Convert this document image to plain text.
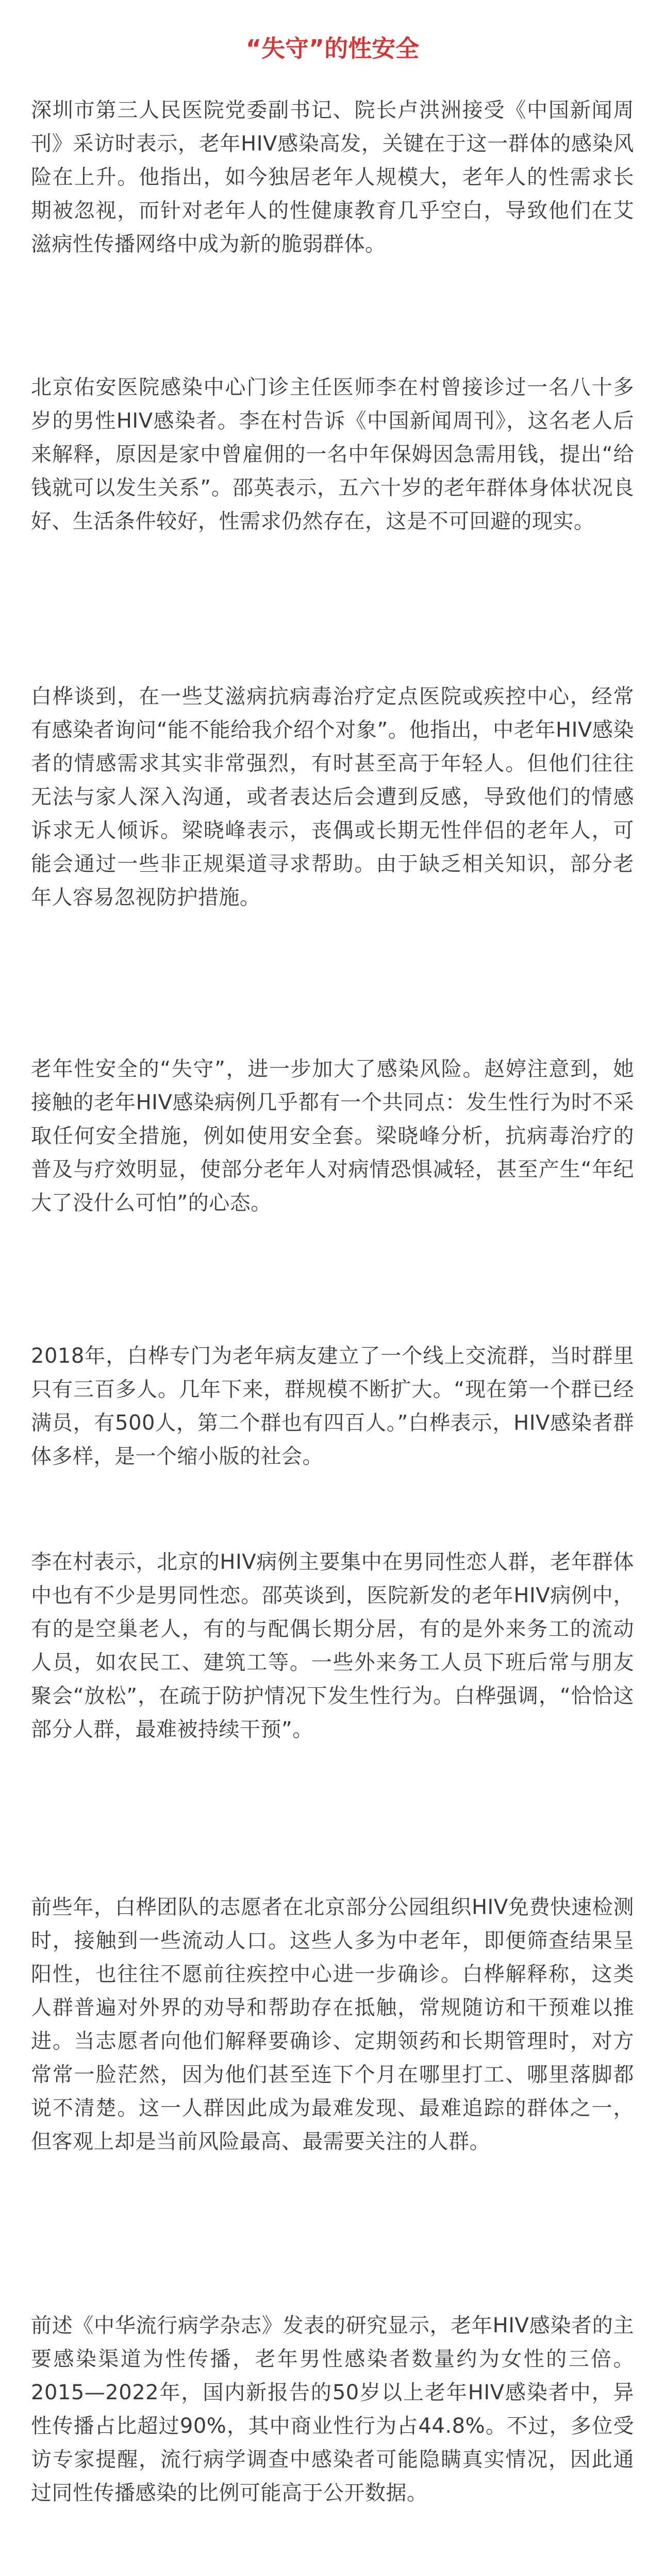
“失守”的性安全

深圳市第三人民医院党委副书记、院长卢洪洲接受《中国新闻周刊》采访时表示，老年HIV感染高发，关键在于这一群体的感染风险在上升。他指出，如今独居老年人规模大，老年人的性需求长期被忽视，而针对老年人的性健康教育几乎空白，导致他们在艾滋病性传播网络中成为新的脆弱群体。

北京佑安医院感染中心门诊主任医师李在村曾接诊过一名八十多岁的男性HIV感染者。李在村告诉《中国新闻周刊》，这名老人后来解释，原因是家中曾雇佣的一名中年保姆因急需用钱，提出“给钱就可以发生关系”。邵英表示，五六十岁的老年群体身体状况良好、生活条件较好，性需求仍然存在，这是不可回避的现实。

白桦谈到，在一些艾滋病抗病毒治疗定点医院或疾控中心，经常有感染者询问“能不能给我介绍个对象”。他指出，中老年HIV感染者的情感需求其实非常强烈，有时甚至高于年轻人。但他们往往无法与家人深入沟通，或者表达后会遭到反感，导致他们的情感诉求无人倾诉。梁晓峰表示，丧偶或长期无性伴侣的老年人，可能会通过一些非正规渠道寻求帮助。由于缺乏相关知识，部分老年人容易忽视防护措施。

老年性安全的“失守”，进一步加大了感染风险。赵婷注意到，她接触的老年HIV感染病例几乎都有一个共同点：发生性行为时不采取任何安全措施，例如使用安全套。梁晓峰分析，抗病毒治疗的普及与疗效明显，使部分老年人对病情恐惧减轻，甚至产生“年纪大了没什么可怕”的心态。

2018年，白桦专门为老年病友建立了一个线上交流群，当时群里只有三百多人。几年下来，群规模不断扩大。“现在第一个群已经满员，有500人，第二个群也有四百人。”白桦表示，HIV感染者群体多样，是一个缩小版的社会。

李在村表示，北京的HIV病例主要集中在男同性恋人群，老年群体中也有不少是男同性恋。邵英谈到，医院新发的老年HIV病例中，有的是空巢老人，有的与配偶长期分居，有的是外来务工的流动人员，如农民工、建筑工等。一些外来务工人员下班后常与朋友聚会“放松”，在疏于防护情况下发生性行为。白桦强调，“恰恰这部分人群，最难被持续干预”。

前些年，白桦团队的志愿者在北京部分公园组织HIV免费快速检测时，接触到一些流动人口。这些人多为中老年，即便筛查结果呈阳性，也往往不愿前往疾控中心进一步确诊。白桦解释称，这类人群普遍对外界的劝导和帮助存在抵触，常规随访和干预难以推进。当志愿者向他们解释要确诊、定期领药和长期管理时，对方常常一脸茫然，因为他们甚至连下个月在哪里打工、哪里落脚都说不清楚。这一人群因此成为最难发现、最难追踪的群体之一，但客观上却是当前风险最高、最需要关注的人群。

前述《中华流行病学杂志》发表的研究显示，老年HIV感染者的主要感染渠道为性传播，老年男性感染者数量约为女性的三倍。2015—2022年，国内新报告的50岁以上老年HIV感染者中，异性传播占比超过90%，其中商业性行为占44.8%。不过，多位受访专家提醒，流行病学调查中感染者可能隐瞒真实情况，因此通过同性传播感染的比例可能高于公开数据。
